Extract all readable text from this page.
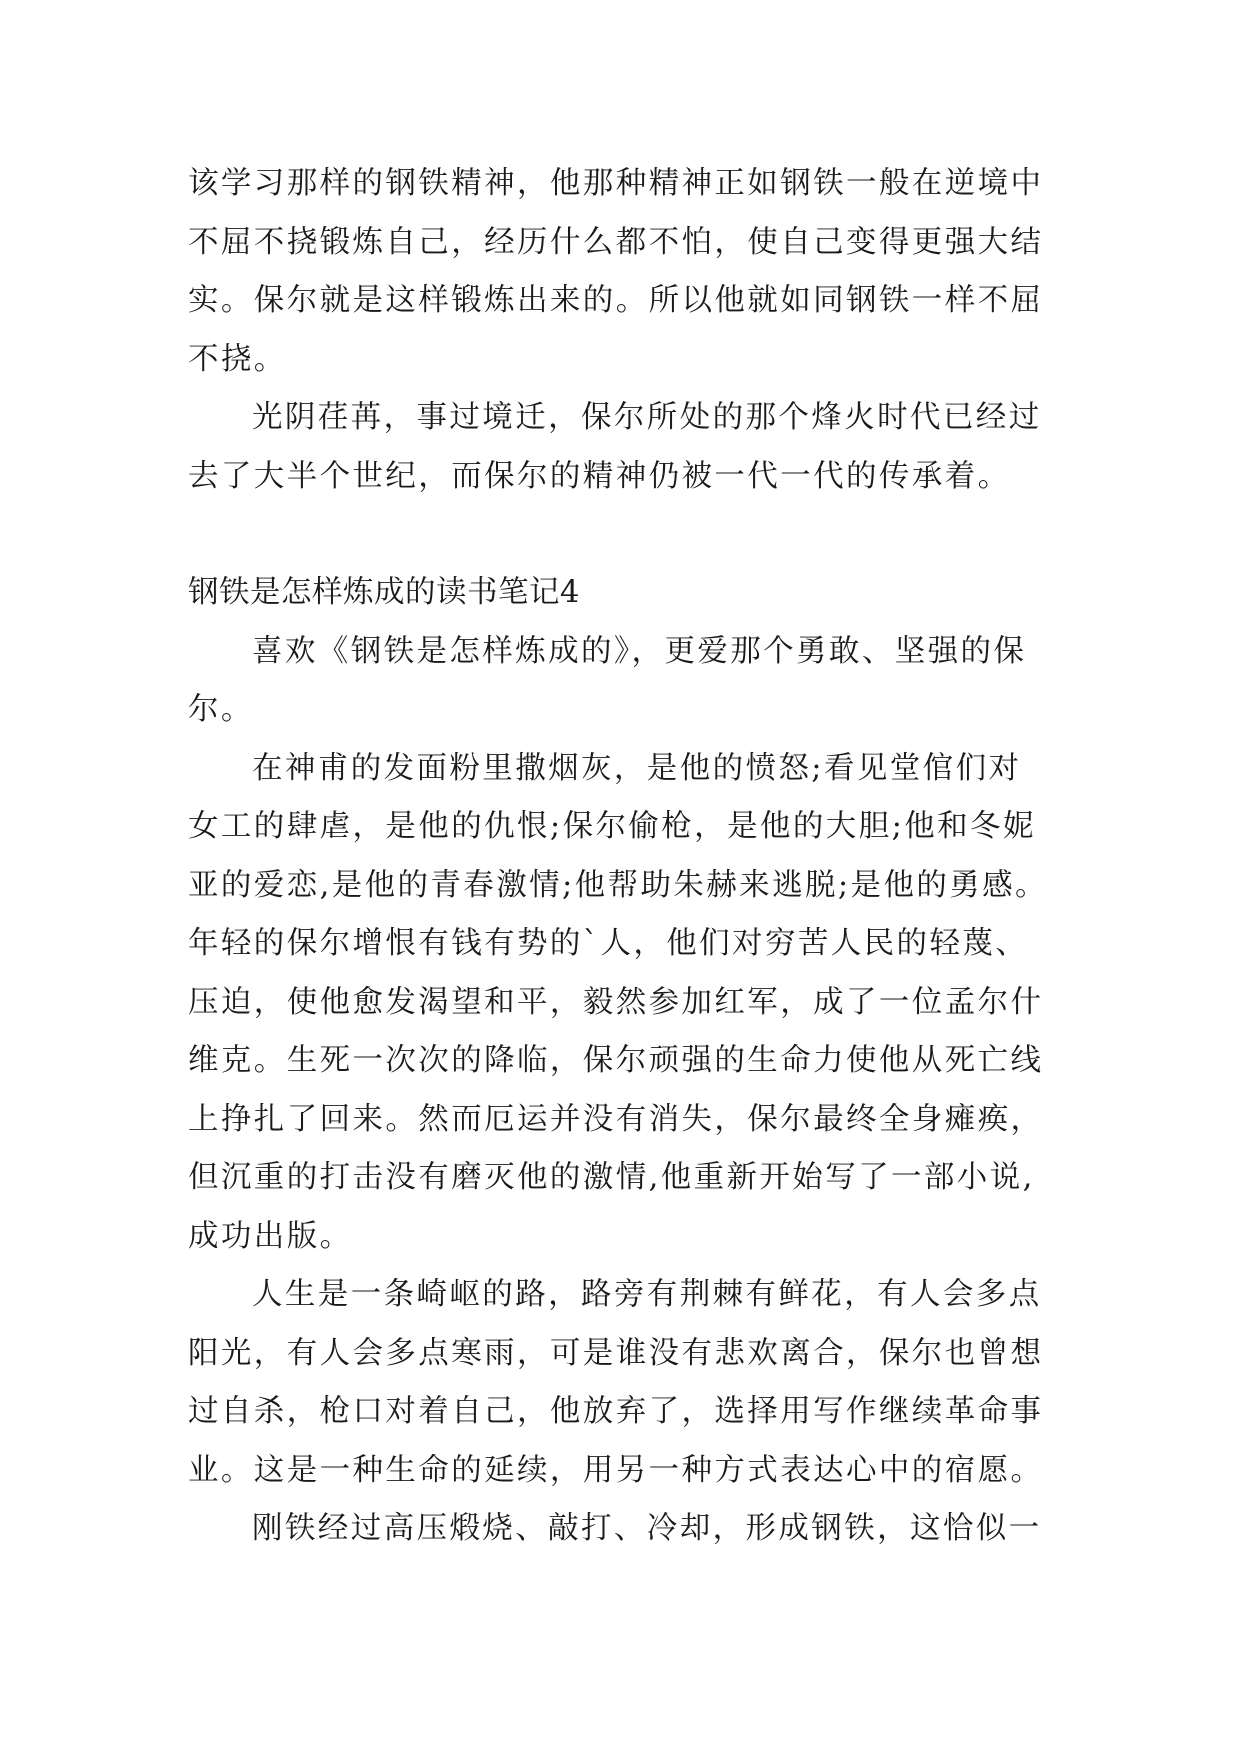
该学习那样的钢铁精神，他那种精神正如钢铁一般在逆境中

不屈不挠锻炼自己，经历什么都不怕，使自己变得更强大结

实。保尔就是这样锻炼出来的。所以他就如同钢铁一样不屈

不挠。

光阴荏苒，事过境迁，保尔所处的那个烽火时代已经过

去了大半个世纪，而保尔的精神仍被一代一代的传承着。

钢铁是怎样炼成的读书笔记4

喜欢《钢铁是怎样炼成的》，更爱那个勇敢、坚强的保

尔。

在神甫的发面粉里撒烟灰，是他的愤怒;看见堂倌们对

女工的肆虐，是他的仇恨;保尔偷枪，是他的大胆;他和冬妮

亚的爱恋,是他的青春激情;他帮助朱赫来逃脱;是他的勇感。

年轻的保尔增恨有钱有势的`人，他们对穷苦人民的轻蔑、

压迫，使他愈发渴望和平，毅然参加红军，成了一位孟尔什

维克。生死一次次的降临，保尔顽强的生命力使他从死亡线

上挣扎了回来。然而厄运并没有消失，保尔最终全身瘫痪，

但沉重的打击没有磨灭他的激情,他重新开始写了一部小说,

成功出版。

人生是一条崎岖的路，路旁有荆棘有鲜花，有人会多点

阳光，有人会多点寒雨，可是谁没有悲欢离合，保尔也曾想

过自杀，枪口对着自己，他放弃了，选择用写作继续革命事

业。这是一种生命的延续，用另一种方式表达心中的宿愿。

刚铁经过高压煅烧、敲打、冷却，形成钢铁，这恰似一
